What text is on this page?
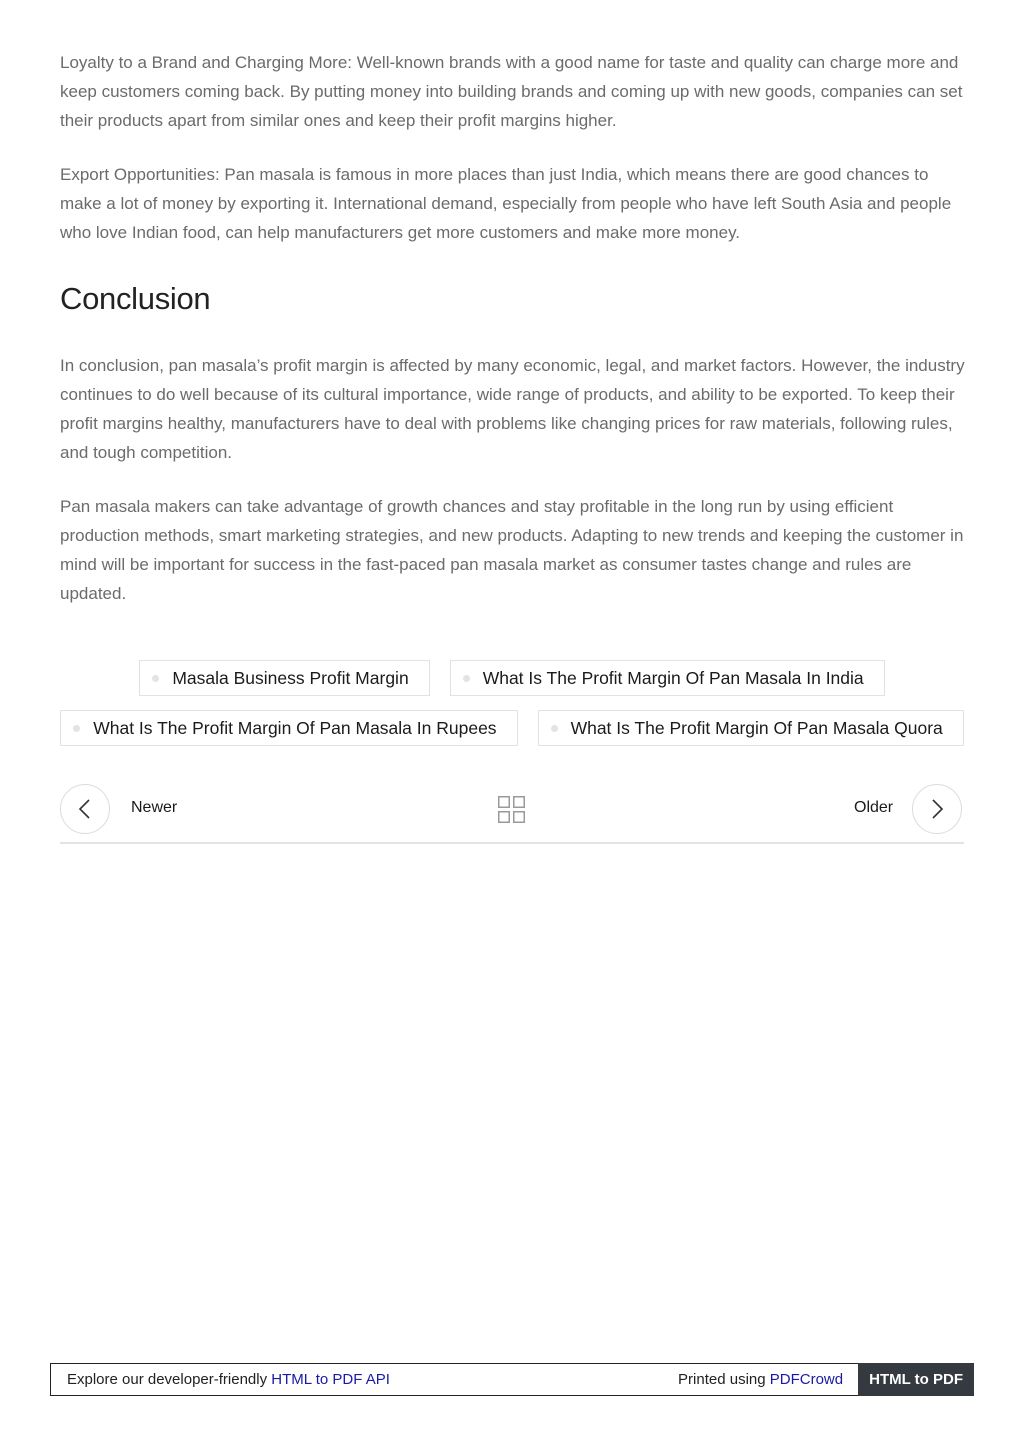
Loyalty to a Brand and Charging More: Well-known brands with a good name for taste and quality can charge more and keep customers coming back. By putting money into building brands and coming up with new goods, companies can set their products apart from similar ones and keep their profit margins higher.

Export Opportunities: Pan masala is famous in more places than just India, which means there are good chances to make a lot of money by exporting it. International demand, especially from people who have left South Asia and people who love Indian food, can help manufacturers get more customers and make more money.

Conclusion

In conclusion, pan masala’s profit margin is affected by many economic, legal, and market factors. However, the industry continues to do well because of its cultural importance, wide range of products, and ability to be exported. To keep their profit margins healthy, manufacturers have to deal with problems like changing prices for raw materials, following rules, and tough competition.

Pan masala makers can take advantage of growth chances and stay profitable in the long run by using efficient production methods, smart marketing strategies, and new products. Adapting to new trends and keeping the customer in mind will be important for success in the fast-paced pan masala market as consumer tastes change and rules are updated.

Masala Business Profit Margin	What Is The Profit Margin Of Pan Masala In India
What Is The Profit Margin Of Pan Masala In Rupees	What Is The Profit Margin Of Pan Masala Quora
Newer	Older
Explore our developer-friendly HTML to PDF API	Printed using PDFCrowd	HTML to PDF
